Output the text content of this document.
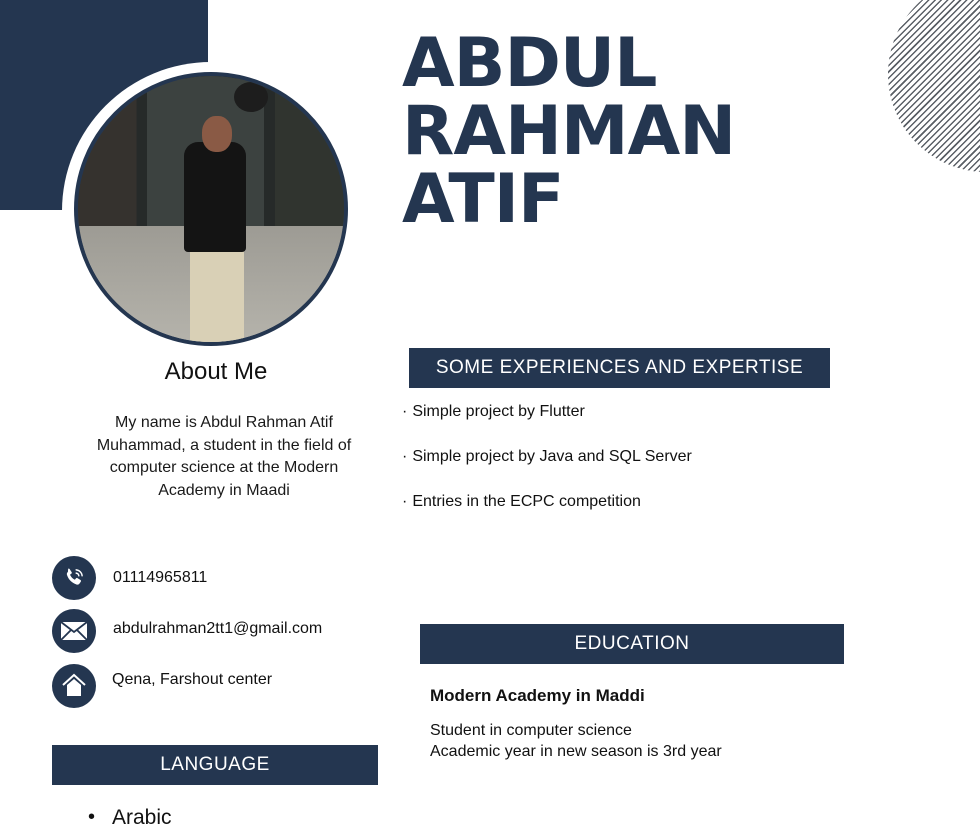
ABDUL
RAHMAN
ATIF
About Me
My name is Abdul Rahman Atif Muhammad, a student in the field of computer science at the Modern Academy in Maadi
SOME EXPERIENCES AND EXPERTISE
· Simple project by Flutter
· Simple project by Java and SQL Server
· Entries in the ECPC competition
01114965811
abdulrahman2tt1@gmail.com
Qena, Farshout center
EDUCATION
Modern Academy in Maddi
Student in computer science
Academic year in new season is 3rd year
LANGUAGE
• Arabic
